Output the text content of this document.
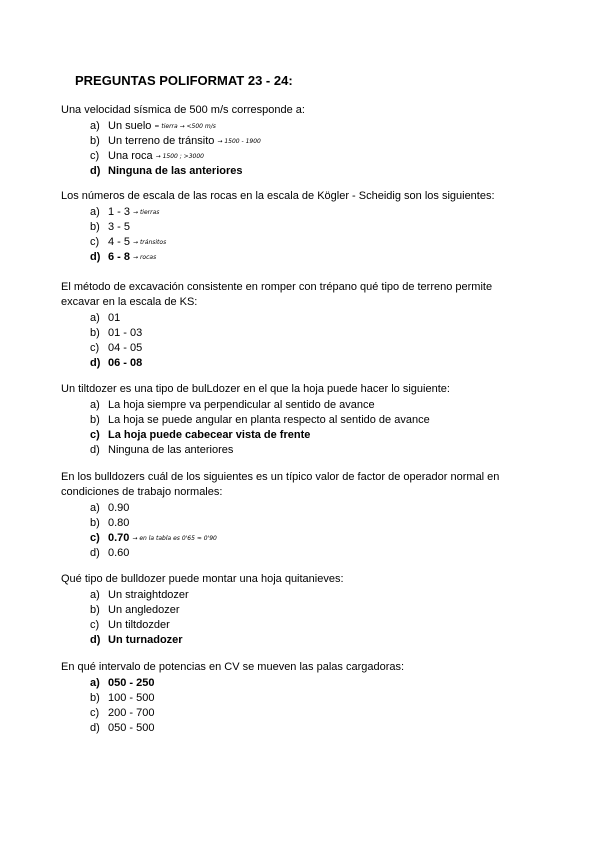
PREGUNTAS POLIFORMAT 23 - 24:

Una velocidad sísmica de 500 m/s corresponde a:

a) Un suelo = tierra → <500 m/s
b) Un terreno de tránsito → 1500 - 1900
c) Una roca → 1500 ; >3000
d) Ninguna de las anteriores

Los números de escala de las rocas en la escala de Kögler - Scheidig son los siguientes:

a) 1 - 3 → tierras
b) 3 - 5
c) 4 - 5 → tránsitos
d) 6 - 8 → rocas

El método de excavación consistente en romper con trépano qué tipo de terreno permite excavar en la escala de KS:

a) 01
b) 01 - 03
c) 04 - 05
d) 06 - 08

Un tiltdozer es una tipo de bulLdozer en el que la hoja puede hacer lo siguiente:

a) La hoja siempre va perpendicular al sentido de avance
b) La hoja se puede angular en planta respecto al sentido de avance
c) La hoja puede cabecear vista de frente
d) Ninguna de las anteriores

En los bulldozers cuál de los siguientes es un típico valor de factor de operador normal en condiciones de trabajo normales:

a) 0.90
b) 0.80
c) 0.70 → en la tabla es 0'65 ≈ 0'90
d) 0.60

Qué tipo de bulldozer puede montar una hoja quitanieves:

a) Un straightdozer
b) Un angledozer
c) Un tiltdozder
d) Un turnadozer

En qué intervalo de potencias en CV se mueven las palas cargadoras:

a) 050 - 250
b) 100 - 500
c) 200 - 700
d) 050 - 500
